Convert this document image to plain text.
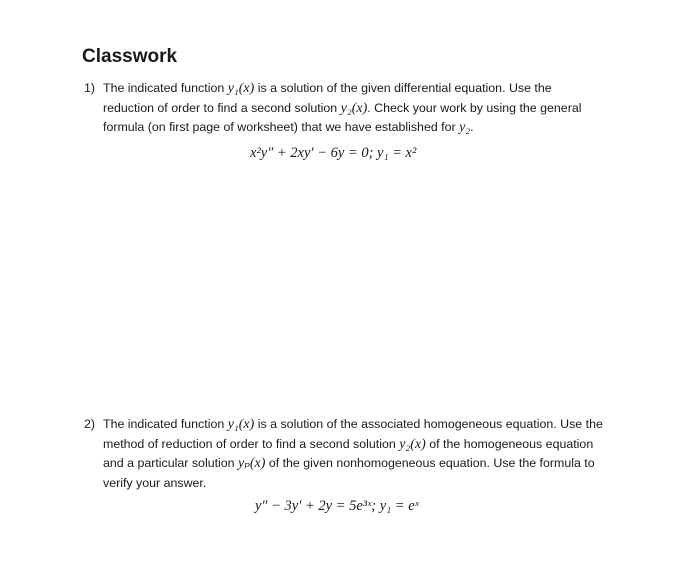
Classwork
1) The indicated function y₁(x) is a solution of the given differential equation. Use the
reduction of order to find a second solution y₂(x). Check your work by using the general
formula (on first page of worksheet) that we have established for y₂.
x²y″ + 2xy′ − 6y = 0; y₁ = x²
2) The indicated function y₁(x) is a solution of the associated homogeneous equation. Use the
method of reduction of order to find a second solution y₂(x) of the homogeneous equation
and a particular solution yₚ(x) of the given nonhomogeneous equation. Use the formula to
verify your answer.
y″ − 3y′ + 2y = 5e³ˣ; y₁ = eˣ
